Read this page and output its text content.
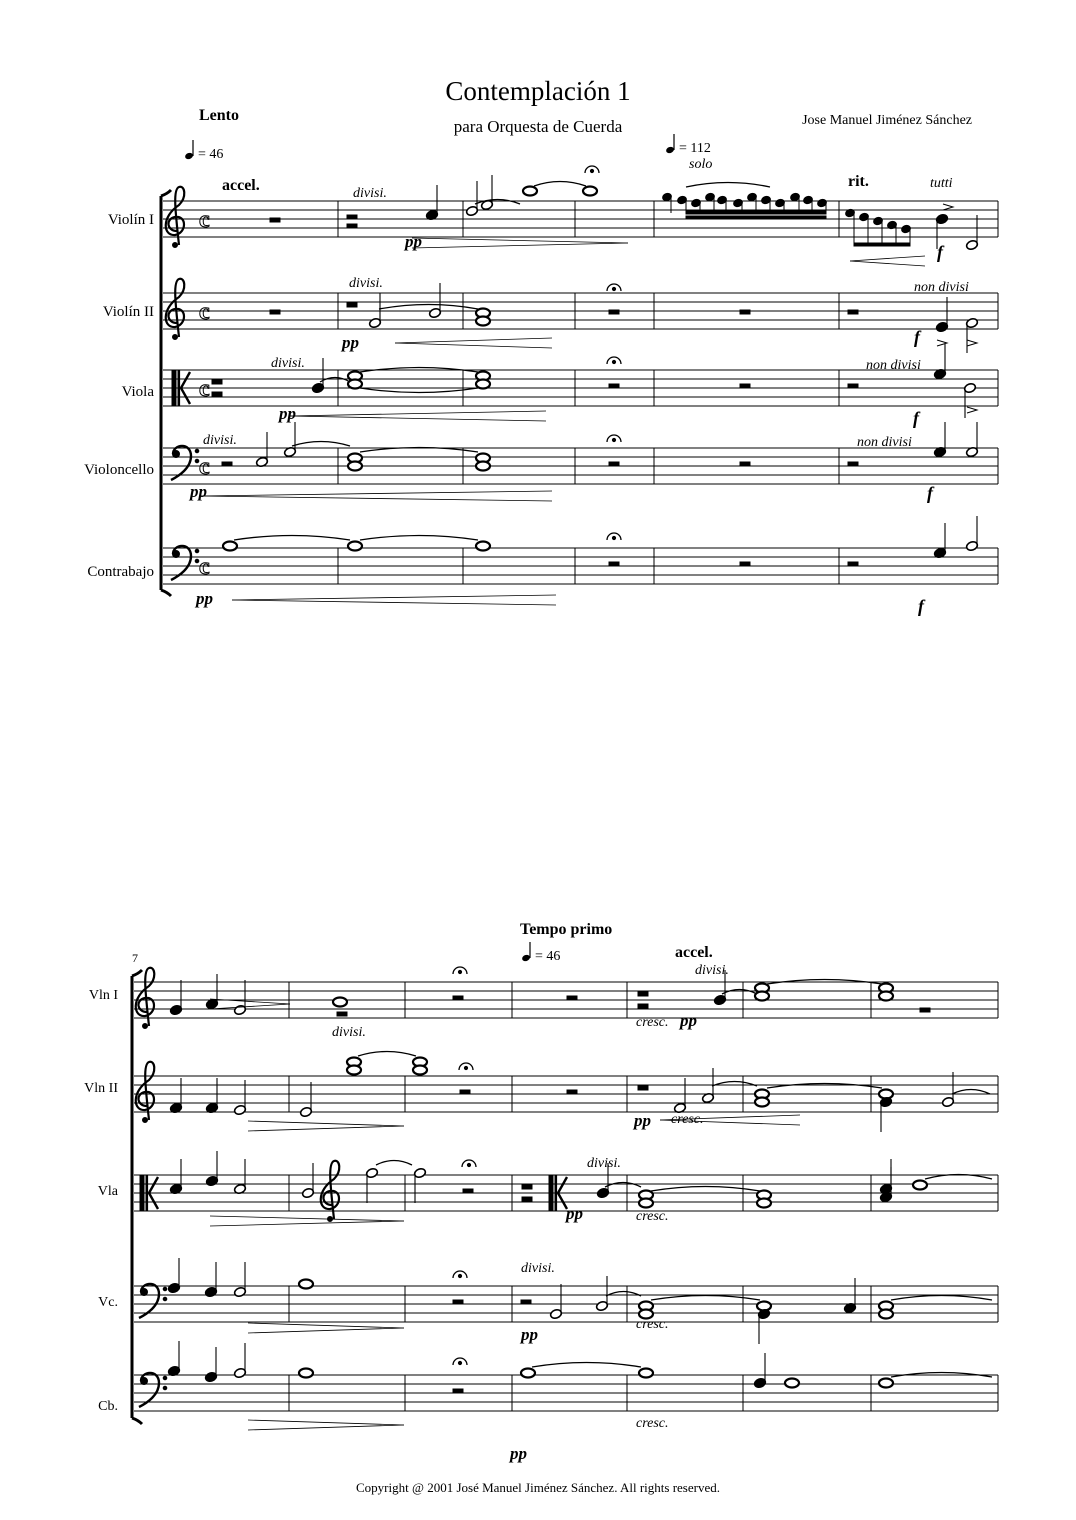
Contemplación 1
para Orquesta de Cuerda	Jose Manuel Jiménez Sánchez
Copyright @ 2001 José Manuel Jiménez Sánchez. All rights reserved.
c
c
c
c
c
Lento
= 46
accel.
= 112
solo
rit.	tutti
Violín I
Violín II
Viola
Violoncello
Contrabajo
divisi.
divisi.
divisi.
divisi.
non divisi
non divisi
non divisi
pp
pp
pp
pp
pp
f
f
f
f
f
7
Tempo primo
= 46	accel.
Vln I
Vln II
Vla
Vc.
Cb.
divisi.
divisi.
divisi.
divisi.
cresc. pp
pp cresc.
pp	cresc.
pp
cresc.
pp
cresc.
